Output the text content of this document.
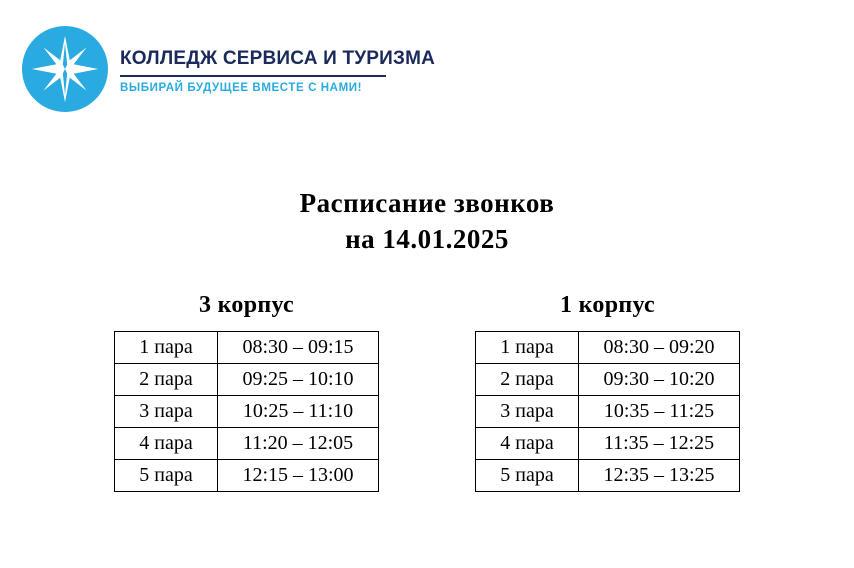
КОЛЛЕДЖ СЕРВИСА И ТУРИЗМА
ВЫБИРАЙ БУДУЩЕЕ ВМЕСТЕ С НАМИ!
Расписание звонков
на 14.01.2025
3 корпус
1 пара	08:30 – 09:15
2 пара	09:25 – 10:10
3 пара	10:25 – 11:10
4 пара	11:20 – 12:05
5 пара	12:15 – 13:00
1 корпус
1 пара	08:30 – 09:20
2 пара	09:30 – 10:20
3 пара	10:35 – 11:25
4 пара	11:35 – 12:25
5 пара	12:35 – 13:25
